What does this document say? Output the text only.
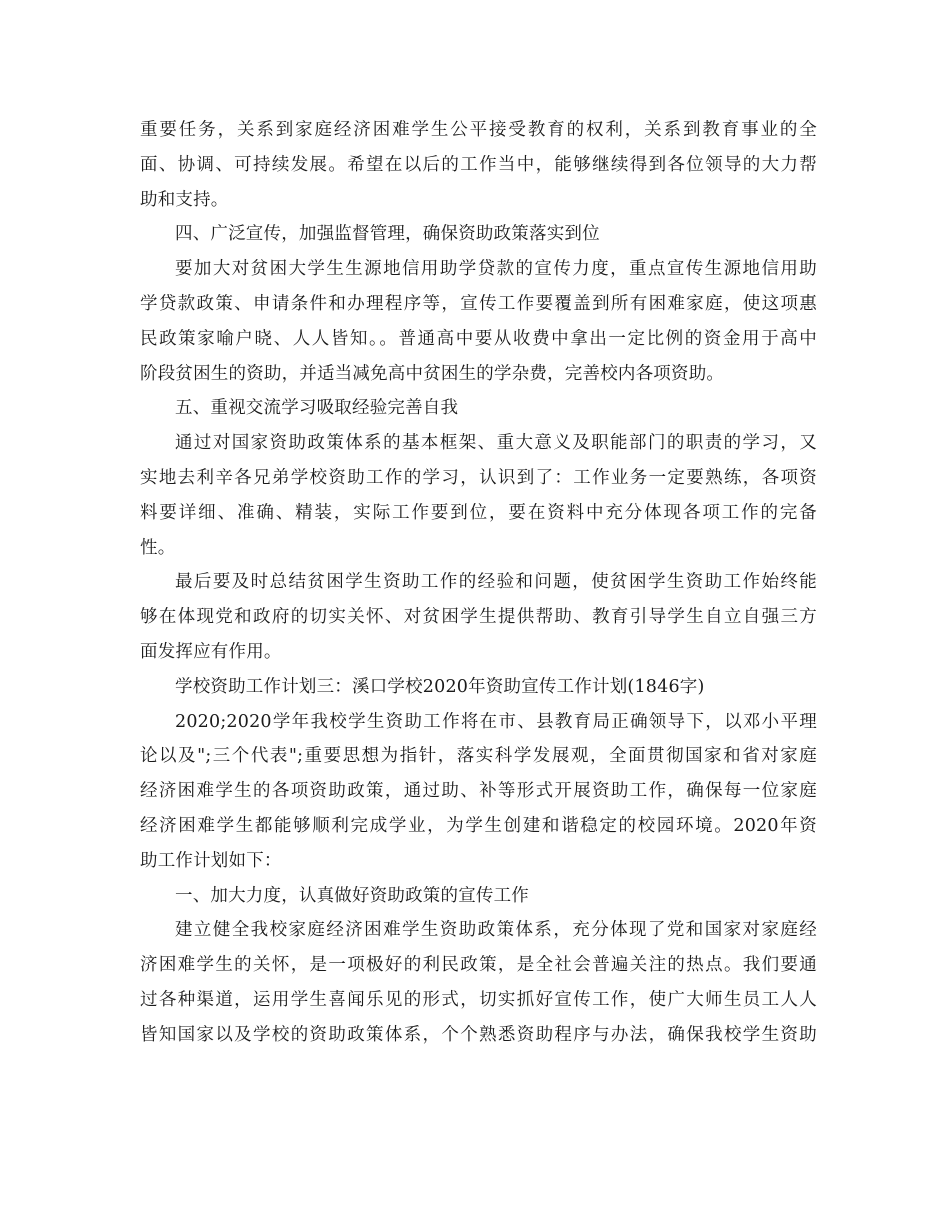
重要任务，关系到家庭经济困难学生公平接受教育的权利，关系到教育事业的全
面、协调、可持续发展。希望在以后的工作当中，能够继续得到各位领导的大力帮
助和支持。
四、广泛宣传，加强监督管理，确保资助政策落实到位
要加大对贫困大学生生源地信用助学贷款的宣传力度，重点宣传生源地信用助
学贷款政策、申请条件和办理程序等，宣传工作要覆盖到所有困难家庭，使这项惠
民政策家喻户晓、人人皆知。。普通高中要从收费中拿出一定比例的资金用于高中
阶段贫困生的资助，并适当减免高中贫困生的学杂费，完善校内各项资助。
五、重视交流学习吸取经验完善自我
通过对国家资助政策体系的基本框架、重大意义及职能部门的职责的学习，又
实地去利辛各兄弟学校资助工作的学习，认识到了：工作业务一定要熟练，各项资
料要详细、准确、精装，实际工作要到位，要在资料中充分体现各项工作的完备
性。
最后要及时总结贫困学生资助工作的经验和问题，使贫困学生资助工作始终能
够在体现党和政府的切实关怀、对贫困学生提供帮助、教育引导学生自立自强三方
面发挥应有作用。
学校资助工作计划三：溪口学校2020年资助宣传工作计划(1846字)
2020;2020学年我校学生资助工作将在市、县教育局正确领导下，以邓小平理
论以及";三个代表";重要思想为指针，落实科学发展观，全面贯彻国家和省对家庭
经济困难学生的各项资助政策，通过助、补等形式开展资助工作，确保每一位家庭
经济困难学生都能够顺利完成学业，为学生创建和谐稳定的校园环境。2020年资
助工作计划如下：
一、加大力度，认真做好资助政策的宣传工作
建立健全我校家庭经济困难学生资助政策体系，充分体现了党和国家对家庭经
济困难学生的关怀，是一项极好的利民政策，是全社会普遍关注的热点。我们要通
过各种渠道，运用学生喜闻乐见的形式，切实抓好宣传工作，使广大师生员工人人
皆知国家以及学校的资助政策体系，个个熟悉资助程序与办法，确保我校学生资助
